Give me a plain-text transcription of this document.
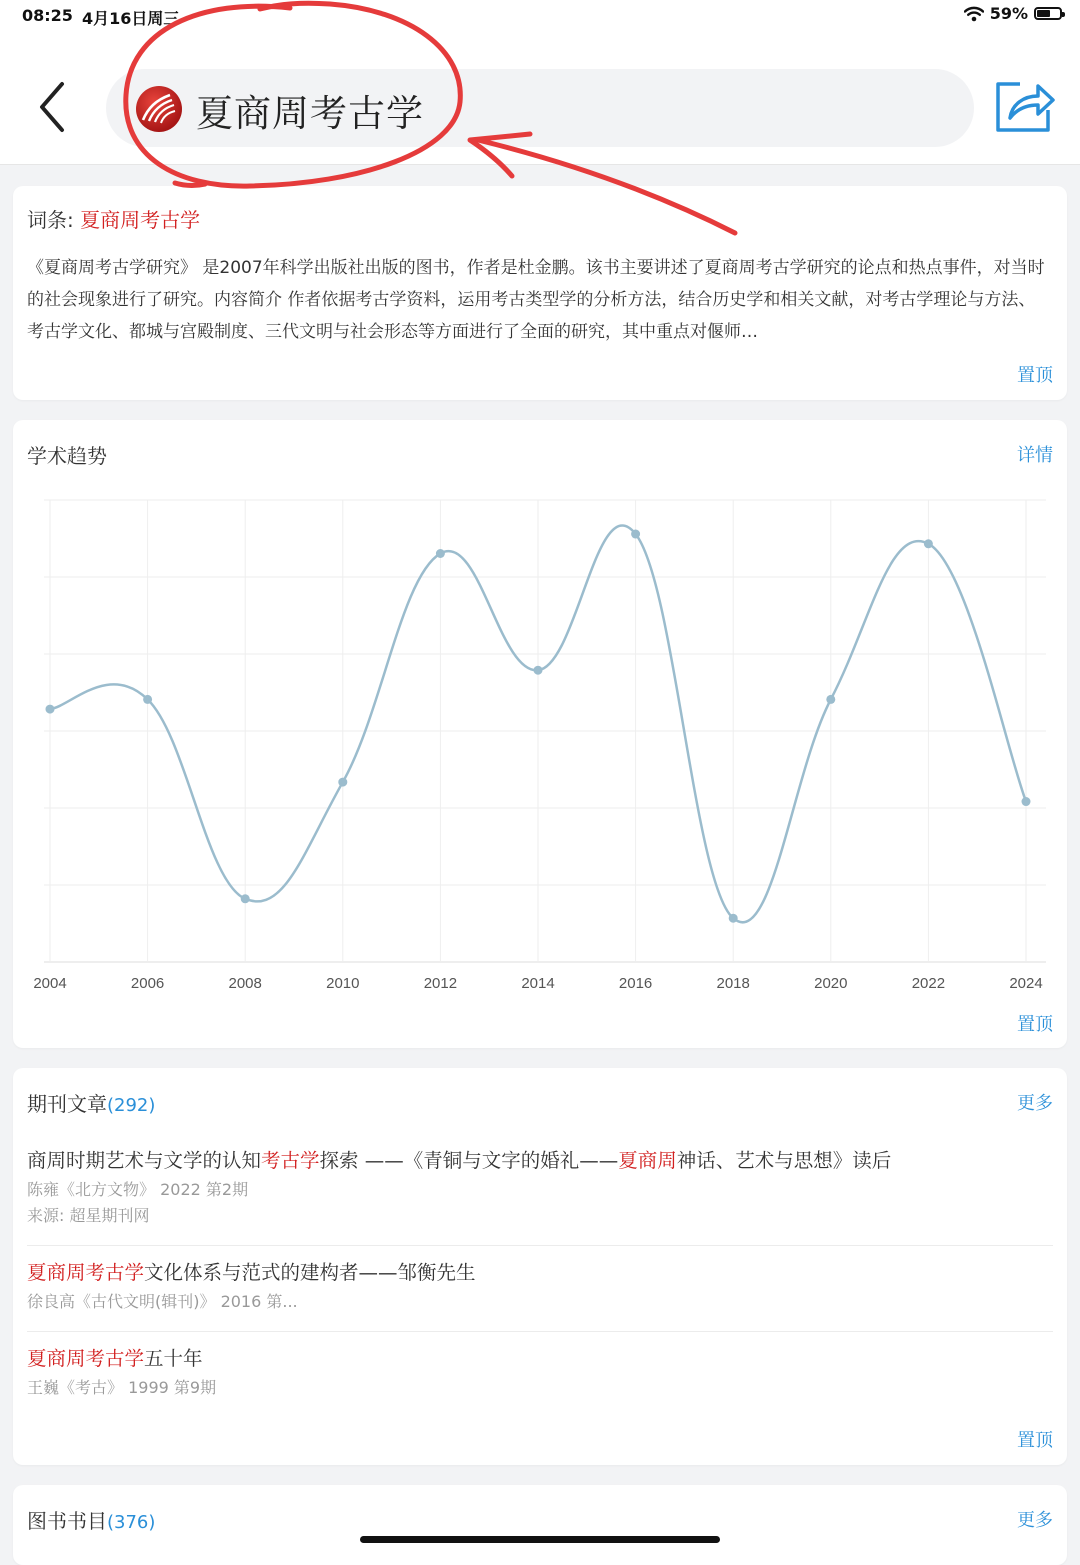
08:25 4月16日周三	59%
夏商周考古学
词条: 夏商周考古学
《夏商周考古学研究》 是2007年科学出版社出版的图书，作者是杜金鹏。该书主要讲述了夏商周考古学研究的论点和热点事件，对当时的社会现象进行了研究。内容简介 作者依据考古学资料，运用考古类型学的分析方法，结合历史学和相关文献，对考古学理论与方法、考古学文化、都城与宫殿制度、三代文明与社会形态等方面进行了全面的研究，其中重点对偃师…
置顶
学术趋势	详情
2004	2006	2008	2010	2012	2014	2016	2018	2020	2022	2024
置顶
期刊文章(292)	更多
商周时期艺术与文学的认知考古学探索 ——《青铜与文字的婚礼——夏商周神话、艺术与思想》读后
陈雍《北方文物》 2022 第2期
来源: 超星期刊网
夏商周考古学文化体系与范式的建构者——邹衡先生
徐良高《古代文明(辑刊)》 2016 第...
夏商周考古学五十年
王巍《考古》 1999 第9期
置顶
图书书目(376)	更多
